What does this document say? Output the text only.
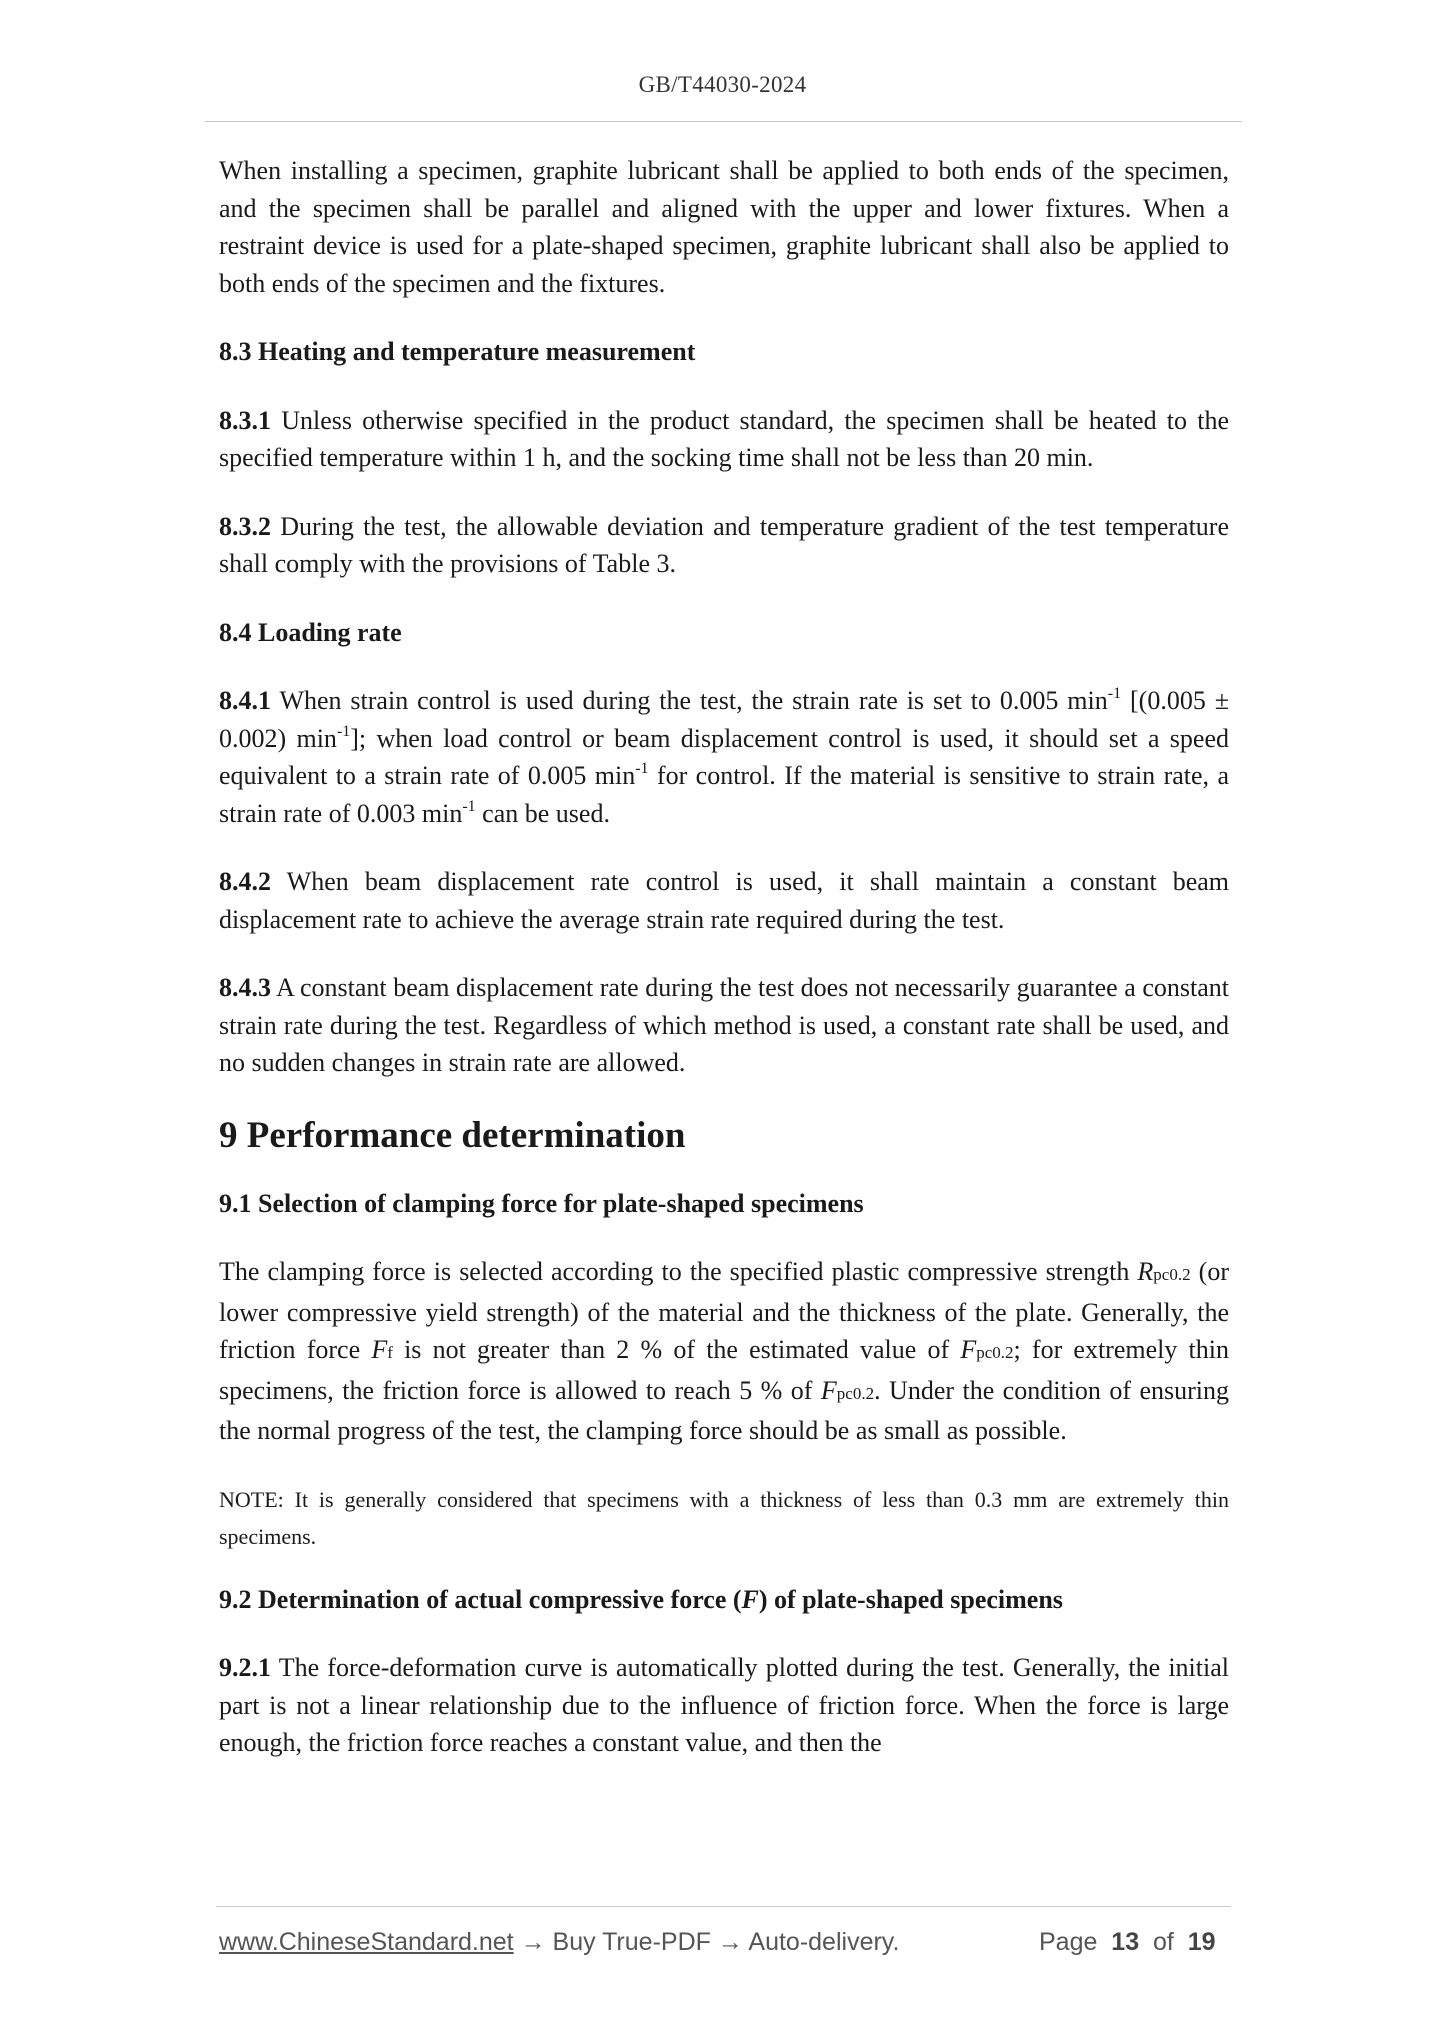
GB/T44030-2024

When installing a specimen, graphite lubricant shall be applied to both ends of the specimen, and the specimen shall be parallel and aligned with the upper and lower fixtures. When a restraint device is used for a plate-shaped specimen, graphite lubricant shall also be applied to both ends of the specimen and the fixtures.

8.3 Heating and temperature measurement

8.3.1 Unless otherwise specified in the product standard, the specimen shall be heated to the specified temperature within 1 h, and the socking time shall not be less than 20 min.

8.3.2 During the test, the allowable deviation and temperature gradient of the test temperature shall comply with the provisions of Table 3.

8.4 Loading rate

8.4.1 When strain control is used during the test, the strain rate is set to 0.005 $\min^{-1} [(0.005 \pm 0.002)$ $\min^{-1}$]; when load control or beam displacement control is used, it should set a speed equivalent to a strain rate of 0.005 $\min^{-1}$ for control. If the material is sensitive to strain rate, a strain rate of 0.003 $\min^{-1}$ can be used.

8.4.2 When beam displacement rate control is used, it shall maintain a constant beam displacement rate to achieve the average strain rate required during the test.

8.4.3 A constant beam displacement rate during the test does not necessarily guarantee a constant strain rate during the test. Regardless of which method is used, a constant rate shall be used, and no sudden changes in strain rate are allowed.

9 Performance determination

9.1 Selection of clamping force for plate-shaped specimens

The clamping force is selected according to the specified plastic compressive strength Rpc0.2 (or lower compressive yield strength) of the material and the thickness of the plate. Generally, the friction force Ff is not greater than 2 % of the estimated value of Fpc0.2; for extremely thin specimens, the friction force is allowed to reach 5 % of Fpc0.2. Under the condition of ensuring the normal progress of the test, the clamping force should be as small as possible.

NOTE: It is generally considered that specimens with a thickness of less than 0.3 mm are extremely thin specimens.

9.2 Determination of actual compressive force (F) of plate-shaped specimens

9.2.1 The force-deformation curve is automatically plotted during the test. Generally, the initial part is not a linear relationship due to the influence of friction force. When the force is large enough, the friction force reaches a constant value, and then the

www.ChineseStandard.net → Buy True-PDF → Auto-delivery.	Page 13 of 19
